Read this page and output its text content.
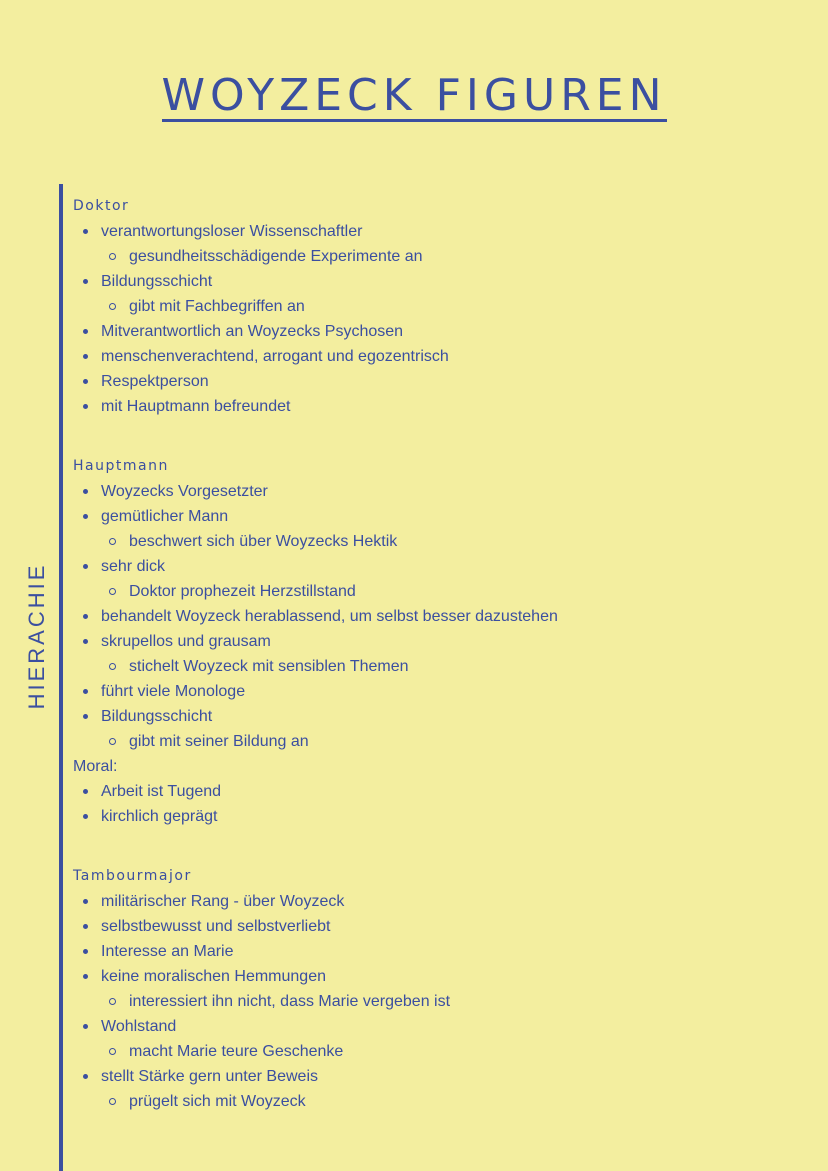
WOYZECK FIGUREN
HIERACHIE
Doktor
verantwortungsloser Wissenschaftler
gesundheitsschädigende Experimente an
Bildungsschicht
gibt mit Fachbegriffen an
Mitverantwortlich an Woyzecks Psychosen
menschenverachtend, arrogant und egozentrisch
Respektperson
mit Hauptmann befreundet
Hauptmann
Woyzecks Vorgesetzter
gemütlicher Mann
beschwert sich über Woyzecks Hektik
sehr dick
Doktor prophezeit Herzstillstand
behandelt Woyzeck herablassend, um selbst besser dazustehen
skrupellos und grausam
stichelt Woyzeck mit sensiblen Themen
führt viele Monologe
Bildungsschicht
gibt mit seiner Bildung an
Moral:
Arbeit ist Tugend
kirchlich geprägt
Tambourmajor
militärischer Rang - über Woyzeck
selbstbewusst und selbstverliebt
Interesse an Marie
keine moralischen Hemmungen
interessiert ihn nicht, dass Marie vergeben ist
Wohlstand
macht Marie teure Geschenke
stellt Stärke gern unter Beweis
prügelt sich mit Woyzeck
